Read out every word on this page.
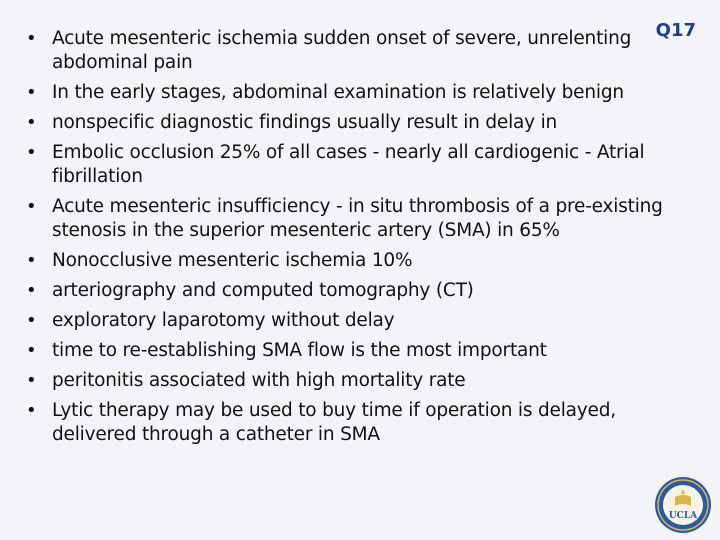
Q17
• Acute mesenteric ischemia sudden onset of severe, unrelenting abdominal pain
• In the early stages, abdominal examination is relatively benign
• nonspecific diagnostic findings usually result in delay in
• Embolic occlusion 25% of all cases - nearly all cardiogenic - Atrial fibrillation
• Acute mesenteric insufficiency - in situ thrombosis of a pre-existing stenosis in the superior mesenteric artery (SMA) in 65%
• Nonocclusive mesenteric ischemia 10%
• arteriography and computed tomography (CT)
• exploratory laparotomy without delay
• time to re-establishing SMA flow is the most important
• peritonitis associated with high mortality rate
• Lytic therapy may be used to buy time if operation is delayed, delivered through a catheter in SMA
UCLA
